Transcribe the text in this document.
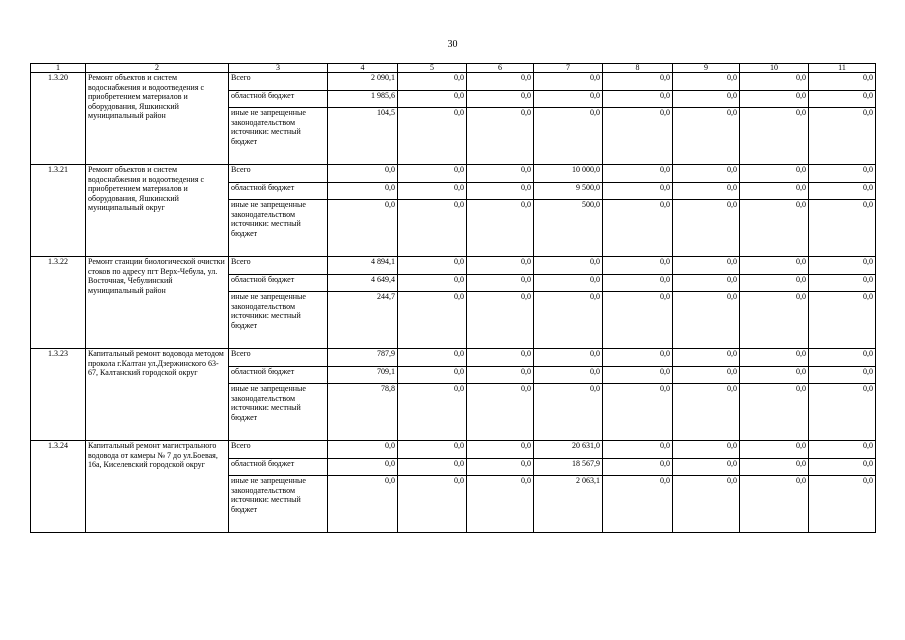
30
1	2	3	4	5	6	7	8	9	10	11
1.3.20	Ремонт объектов и систем водоснабжения и водоотведения с приобретением материалов и оборудования, Яшкинский муниципальный район	Всего	2 090,1	0,0	0,0	0,0	0,0	0,0	0,0	0,0
		областной бюджет	1 985,6	0,0	0,0	0,0	0,0	0,0	0,0	0,0
		иные не запрещенные законодательством источники: местный бюджет	104,5	0,0	0,0	0,0	0,0	0,0	0,0	0,0
1.3.21	Ремонт объектов и систем водоснабжения и водоотведения с приобретением материалов и оборудования, Яшкинский муниципальный округ	Всего	0,0	0,0	0,0	10 000,0	0,0	0,0	0,0	0,0
		областной бюджет	0,0	0,0	0,0	9 500,0	0,0	0,0	0,0	0,0
		иные не запрещенные законодательством источники: местный бюджет	0,0	0,0	0,0	500,0	0,0	0,0	0,0	0,0
1.3.22	Ремонт станции биологической очистки стоков по адресу пгт Верх-Чебула, ул. Восточная, Чебулинский муниципальный район	Всего	4 894,1	0,0	0,0	0,0	0,0	0,0	0,0	0,0
		областной бюджет	4 649,4	0,0	0,0	0,0	0,0	0,0	0,0	0,0
		иные не запрещенные законодательством источники: местный бюджет	244,7	0,0	0,0	0,0	0,0	0,0	0,0	0,0
1.3.23	Капитальный ремонт водовода методом прокола г.Калтан ул.Дзержинского 63-67, Калтанский городской округ	Всего	787,9	0,0	0,0	0,0	0,0	0,0	0,0	0,0
		областной бюджет	709,1	0,0	0,0	0,0	0,0	0,0	0,0	0,0
		иные не запрещенные законодательством источники: местный бюджет	78,8	0,0	0,0	0,0	0,0	0,0	0,0	0,0
1.3.24	Капитальный ремонт магистрального водовода от камеры № 7 до ул.Боевая, 16а, Киселевский городской округ	Всего	0,0	0,0	0,0	20 631,0	0,0	0,0	0,0	0,0
		областной бюджет	0,0	0,0	0,0	18 567,9	0,0	0,0	0,0	0,0
		иные не запрещенные законодательством источники: местный бюджет	0,0	0,0	0,0	2 063,1	0,0	0,0	0,0	0,0
